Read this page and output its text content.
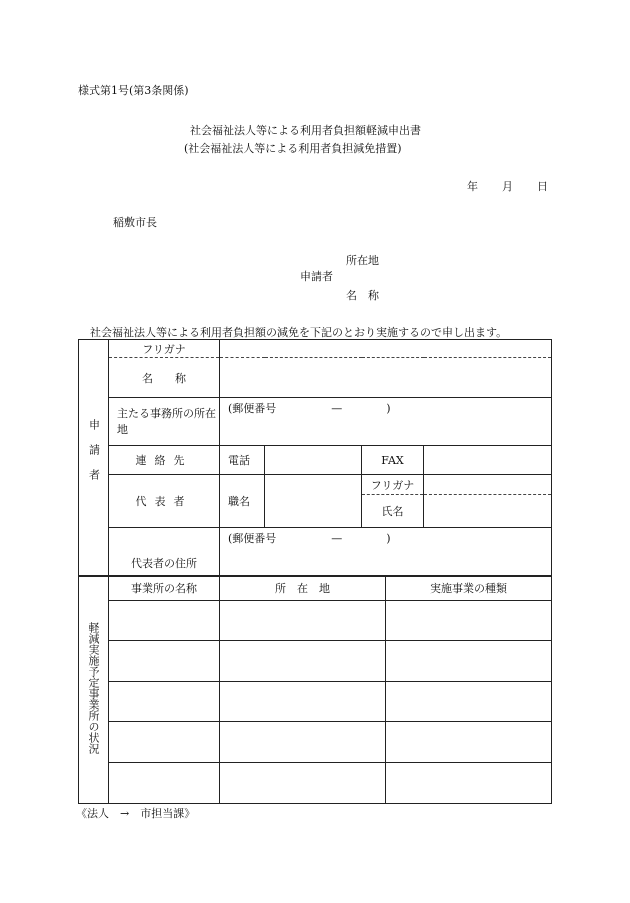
様式第1号(第3条関係)
社会福祉法人等による利用者負担額軽減申出書
(社会福祉法人等による利用者負担減免措置)
年 月 日
稲敷市長
所在地
申請者
名　称
社会福祉法人等による利用者負担額の減免を下記のとおり実施するので申し出ます。
申請者	フリガナ				
	名　　称				
	主たる事務所の所在地	(郵便番号　　　　　—　　　　)			
	連絡先	電話		FAX	
	代表者	職名		フリガナ	
				氏名	
	代表者の住所	(郵便番号　　　　　—　　　　)			
軽減実施予定事業所の状況	事業所の名称	所　在　地	実施事業の種類

《法人　→　市担当課》
